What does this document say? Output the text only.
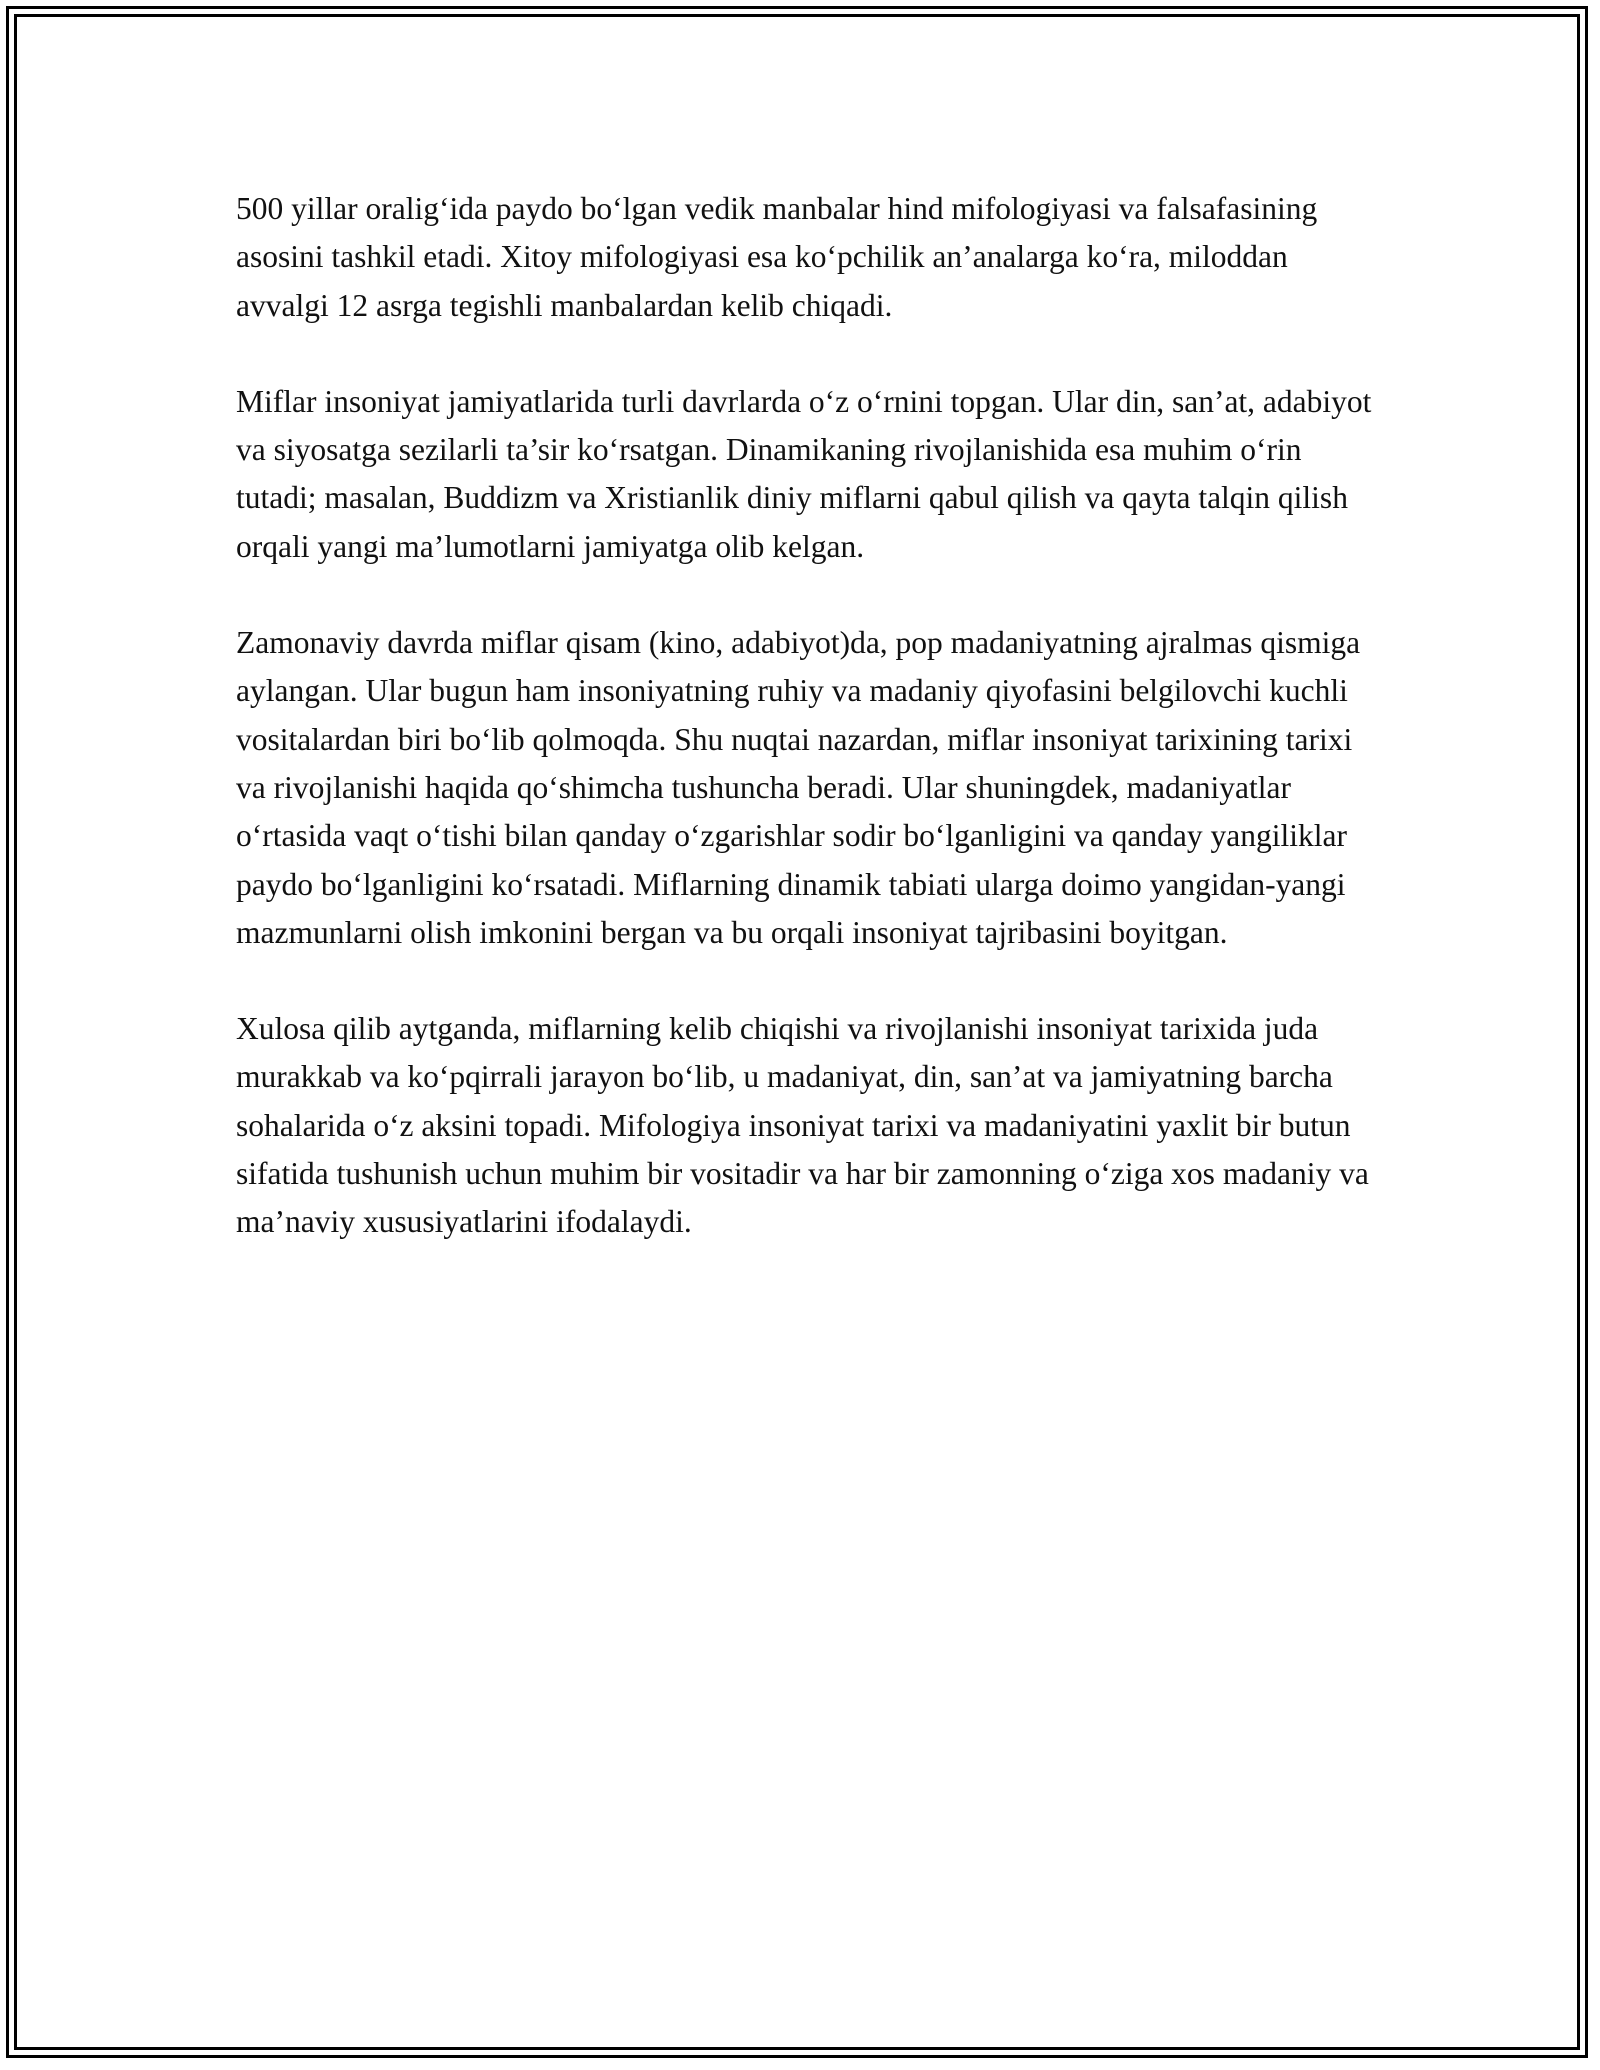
500 yillar oralig‘ida paydo bo‘lgan vedik manbalar hind mifologiyasi va falsafasining asosini tashkil etadi. Xitoy mifologiyasi esa ko‘pchilik an’analarga ko‘ra, miloddan avvalgi 12 asrga tegishli manbalardan kelib chiqadi.

Miflar insoniyat jamiyatlarida turli davrlarda o‘z o‘rnini topgan. Ular din, san’at, adabiyot va siyosatga sezilarli ta’sir ko‘rsatgan. Dinamikaning rivojlanishida esa muhim o‘rin tutadi; masalan, Buddizm va Xristianlik diniy miflarni qabul qilish va qayta talqin qilish orqali yangi ma’lumotlarni jamiyatga olib kelgan.

Zamonaviy davrda miflar qisam (kino, adabiyot)da, pop madaniyatning ajralmas qismiga aylangan. Ular bugun ham insoniyatning ruhiy va madaniy qiyofasini belgilovchi kuchli vositalardan biri bo‘lib qolmoqda. Shu nuqtai nazardan, miflar insoniyat tarixining tarixi va rivojlanishi haqida qo‘shimcha tushuncha beradi. Ular shuningdek, madaniyatlar o‘rtasida vaqt o‘tishi bilan qanday o‘zgarishlar sodir bo‘lganligini va qanday yangiliklar paydo bo‘lganligini ko‘rsatadi. Miflarning dinamik tabiati ularga doimo yangidan-yangi mazmunlarni olish imkonini bergan va bu orqali insoniyat tajribasini boyitgan.

Xulosa qilib aytganda, miflarning kelib chiqishi va rivojlanishi insoniyat tarixida juda murakkab va ko‘pqirrali jarayon bo‘lib, u madaniyat, din, san’at va jamiyatning barcha sohalarida o‘z aksini topadi. Mifologiya insoniyat tarixi va madaniyatini yaxlit bir butun sifatida tushunish uchun muhim bir vositadir va har bir zamonning o‘ziga xos madaniy va ma’naviy xususiyatlarini ifodalaydi.
